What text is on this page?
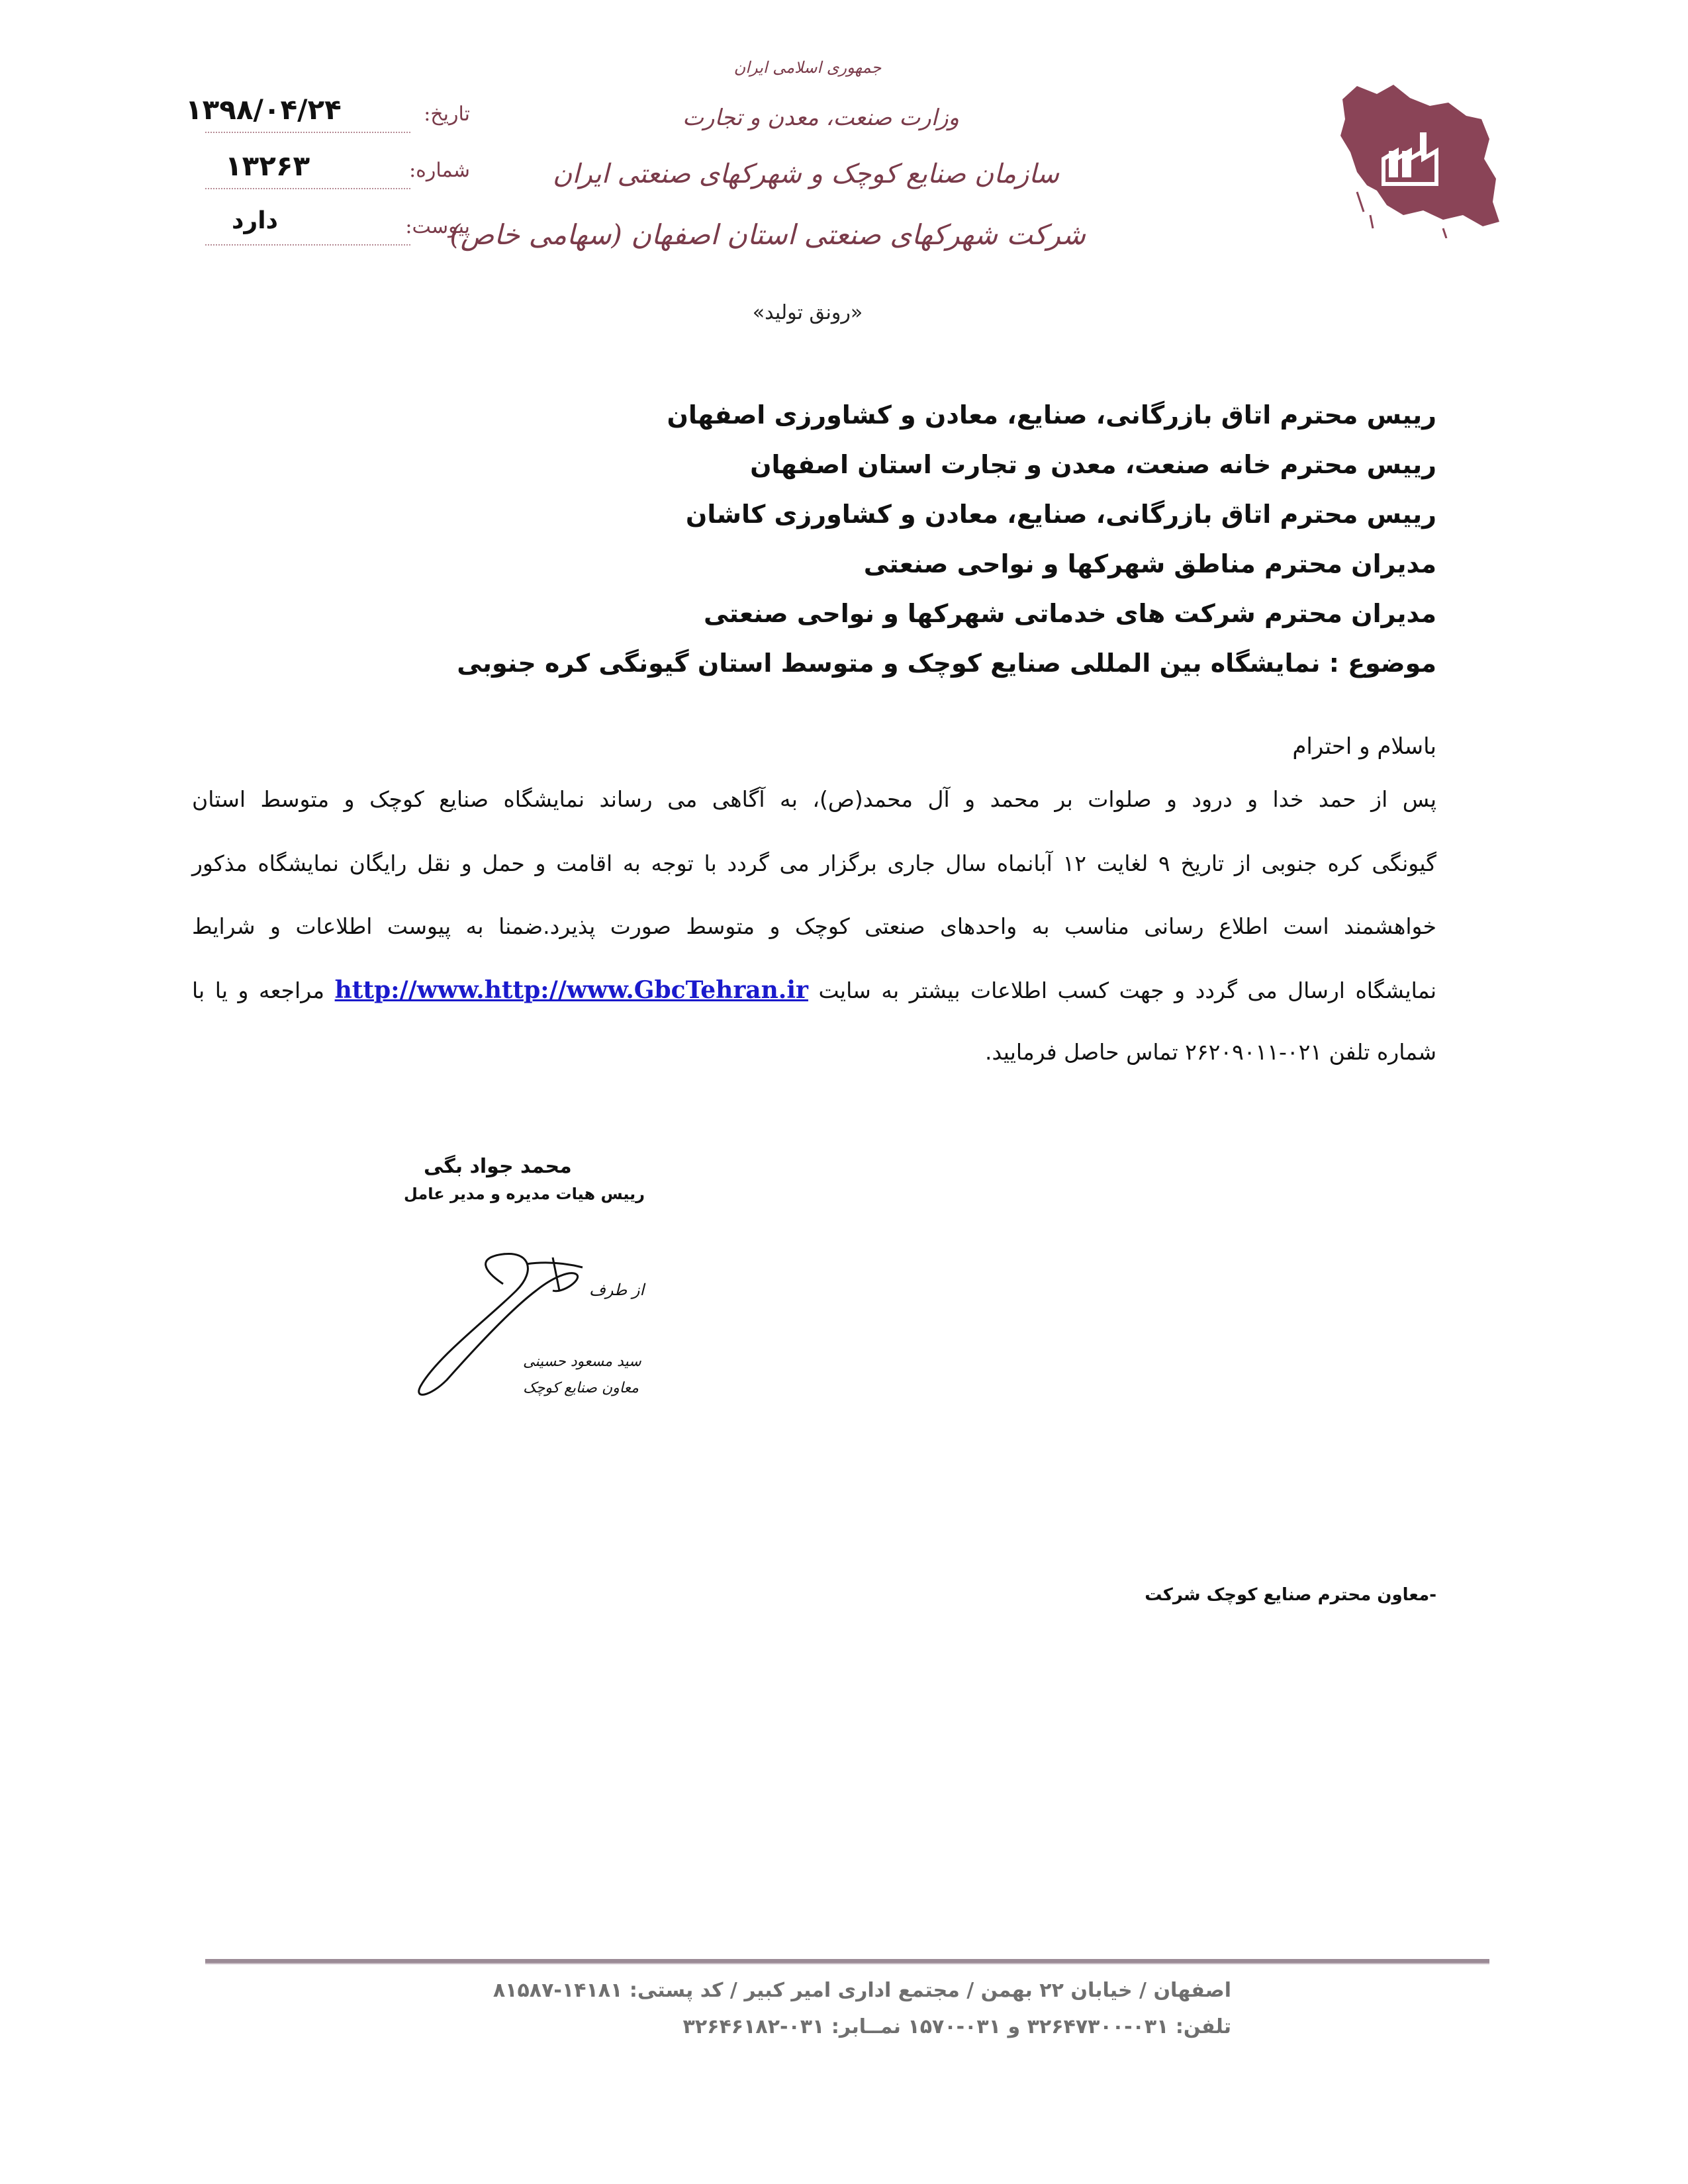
تاریخ:
۱۳۹۸/۰۴/۲۴
شماره:
۱۳۲۶۳
پیوست:
دارد
جمهوری اسلامی ایران
وزارت صنعت، معدن و تجارت
سازمان صنایع کوچک و شهرکهای صنعتی ایران
شرکت شهرکهای صنعتی استان اصفهان (سهامی خاص)
«رونق تولید»
رییس محترم اتاق بازرگانی، صنایع، معادن و کشاورزی اصفهان
رییس محترم خانه صنعت، معدن و تجارت استان اصفهان
رییس محترم اتاق بازرگانی، صنایع، معادن و کشاورزی کاشان
مدیران محترم مناطق شهرکها و نواحی صنعتی
مدیران محترم شرکت های خدماتی شهرکها و نواحی صنعتی
موضوع : نمایشگاه بین المللی صنایع کوچک و متوسط استان گیونگی کره جنوبی
باسلام و احترام
پس از حمد خدا و درود و صلوات بر محمد و آل محمد(ص)، به آگاهی می رساند نمایشگاه صنایع کوچک و متوسط استان
گیونگی کره جنوبی از تاریخ ۹ لغایت ۱۲ آبانماه سال جاری برگزار می گردد با توجه به اقامت و حمل و نقل رایگان نمایشگاه مذکور
خواهشمند است اطلاع رسانی مناسب به واحدهای صنعتی کوچک و متوسط صورت پذیرد.ضمنا به پیوست اطلاعات و شرایط
نمایشگاه ارسال می گردد و جهت کسب اطلاعات بیشتر به سایت http://www.http://www.GbcTehran.ir مراجعه و یا با
شماره تلفن ۰۲۱-۲۶۲۰۹۰۱۱ تماس حاصل فرمایید.
محمد جواد بگی
رییس هیات مدیره و مدیر عامل
از طرف
سید مسعود حسینی
معاون صنایع کوچک
-معاون محترم صنایع کوچک شرکت
اصفهان / خیابان ۲۲ بهمن / مجتمع اداری امیر کبیر / کد پستی: ۱۴۱۸۱-۸۱۵۸۷
تلفن: ۰۳۱-۳۲۶۴۷۳۰۰ و ۰۳۱-۱۵۷۰ نمــابر: ۰۳۱-۳۲۶۴۶۱۸۲
